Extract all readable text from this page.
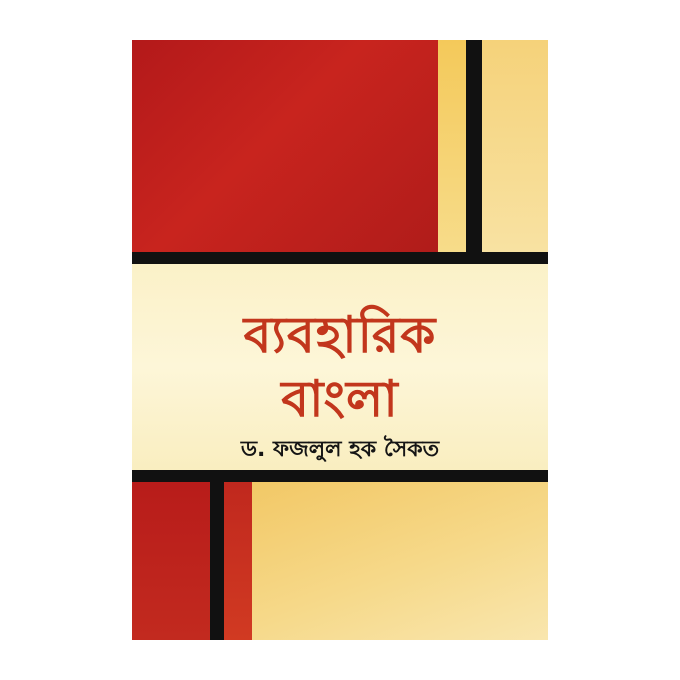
ব্যবহারিক
বাংলা
ড. ফজলুল হক সৈকত
